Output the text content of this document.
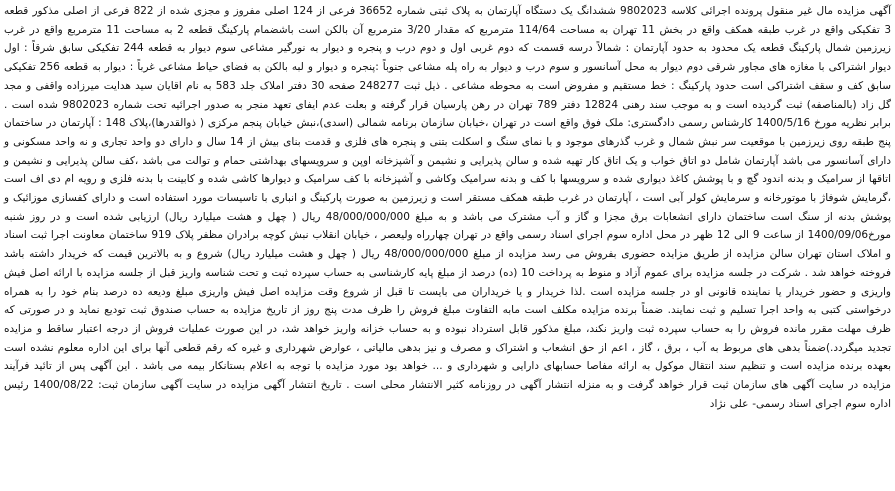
آگهی مزایده مال غیر منقول پرونده اجرائی کلاسه 9802023 ششدانگ یک دستگاه آپارتمان به پلاک ثبتی شماره 36652 فرعی از 124 اصلی مفروز و مجزی شده از 822 فرعی از اصلی مذکور قطعه 3 تفکیکی واقع در غرب طبقه همکف واقع در بخش 11 تهران به مساحت 114/64 مترمربع که مقدار 3/20 مترمربع آن بالکن است باشضمام پارکینگ قطعه 2 به مساحت 11 مترمربع واقع در غرب زیرزمین شمال پارکینگ قطعه یک محدود به حدود آپارتمان : شمالاً درسه قسمت که دوم غربی اول و دوم درب و پنجره و دیوار به نورگیر مشاعی سوم دیوار به قطعه 244 تفکیکی سابق شرقاً : اول دیوار اشتراکی با مغازه های مجاور شرقی دوم دیوار به محل آسانسور و سوم درب و دیوار به راه پله مشاعی جنوباً :پنجره و دیوار و لبه بالکن به فضای حیاط مشاعی غرباً : دیوار به قطعه 256 تفکیکی سابق کف و سقف اشتراکی است حدود پارکینگ : خط مستقیم و مفروض است به محوطه مشاعی . ذیل ثبت 248277 صفحه 30 دفتر املاک جلد 583 به نام اقایان سید هدایت میرزاده واقفی و مجد گل زاد (بالمناصفه) ثبت گردیده است و به موجب سند رهنی 12824 دفتر 789 تهران در رهن پارسیان قرار گرفته و بعلت عدم ایفای تعهد منجر به صدور اجرائیه تحت شماره 9802023 شده است . برابر نظریه مورخ 1400/5/16 کارشناس رسمی دادگستری: ملک فوق واقع است در تهران ،خیابان سازمان برنامه شمالی (اسدی)،نبش خیابان پنجم مرکزی ( ذوالقدرها)،پلاک 148 : آپارتمان در ساختمان پنج طبقه روی زیرزمین با موقعیت سر نبش شمال و غرب گذرهای موجود و با نمای سنگ و اسکلت بتنی و پنجره های فلزی و قدمت بنای بیش از 14 سال و دارای دو واحد تجاری و نه واحد مسکونی و دارای آسانسور می باشد آپارتمان شامل دو اتاق خواب و یک اتاق کار تهیه شده و سالن پذیرایی و نشیمن و آشپزخانه اوپن و سرویسهای بهداشتی حمام و توالت می باشد ،کف سالن پذیرایی و نشیمن و اتاقها از سرامیک و بدنه اندود گچ و با پوشش کاغذ دیواری شده و سرویسها با کف و بدنه سرامیک وکاشی و آشپزخانه با کف سرامیک و دیوارها کاشی شده و کابینت با بدنه فلزی و رویه ام دی اف است ،گرمایش شوفاژ با موتورخانه و سرمایش کولر آبی است ، آپارتمان در غرب طبقه همکف مستقر است و زیرزمین به صورت پارکینگ و انباری با تاسیسات مورد استفاده است و دارای کفسازی موزائیک و پوشش بدنه از سنگ است ساختمان دارای انشعابات برق مجزا و گاز و آب مشترک می باشد و به مبلغ 48/000/000/000 ریال ( چهل و هشت میلیارد ریال) ارزیابی شده است و در روز شنبه مورخ1400/09/06 از ساعت 9 الی 12 ظهر در محل اداره سوم اجرای اسناد رسمی واقع در تهران چهارراه ولیعصر ، خیابان انقلاب نبش کوچه برادران مظفر پلاک 919 ساختمان معاونت اجرا ثبت اسناد و املاک استان تهران سالن مزایده از طریق مزایده حضوری بفروش می رسد مزایده از مبلغ 48/000/000/000 ریال ( چهل و هشت میلیارد ریال) شروع و به بالاترین قیمت که خریدار داشته باشد فروخته خواهد شد . شرکت در جلسه مزایده برای عموم آزاد و منوط به پرداخت 10 (ده) درصد از مبلغ پایه کارشناسی به حساب سپرده ثبت و تحت شناسه واریز قبل از جلسه مزایده با ارائه اصل فیش واریزی و حضور خریدار یا نماینده قانونی او در جلسه مزایده است .لذا خریدار و یا خریداران می بایست تا قبل از شروع وقت مزایده اصل فیش واریزی مبلغ ودیعه ده درصد بنام خود را به همراه درخواستی کتبی به واحد اجرا تسلیم و ثبت نمایند. ضمناً برنده مزایده مکلف است مابه التفاوت مبلغ فروش را ظرف مدت پنج روز از تاریخ مزایده به حساب صندوق ثبت تودیع نماید و در صورتی که ظرف مهلت مقرر مانده فروش را به حساب سپرده ثبت واریز نکند، مبلغ مذکور قابل استرداد نبوده و به حساب خزانه واریز خواهد شد، در این صورت عملیات فروش از درجه اعتبار ساقط و مزایده تجدید میگردد.)ضمناً بدهی های مربوط به آب ، برق ، گاز ، اعم از حق انشعاب و اشتراک و مصرف و نیز بدهی مالیاتی ، عوارض شهرداری و غیره که رقم قطعی آنها برای این اداره معلوم نشده است بعهده برنده مزایده است و تنظیم سند انتقال موکول به ارائه مفاصا حسابهای دارایی و شهرداری و ... خواهد بود مورد مزایده با توجه به اعلام بستانکار بیمه می باشد . این آگهی پس از تائید فرآیند مزایده در سایت آگهی های سازمان ثبت قرار خواهد گرفت و به منزله انتشار آگهی در روزنامه کثیر الانتشار محلی است . تاریخ انتشار آگهی مزایده در سایت آگهی سازمان ثبت: 1400/08/22 رئیس اداره سوم اجرای اسناد رسمی- علی نژاد
